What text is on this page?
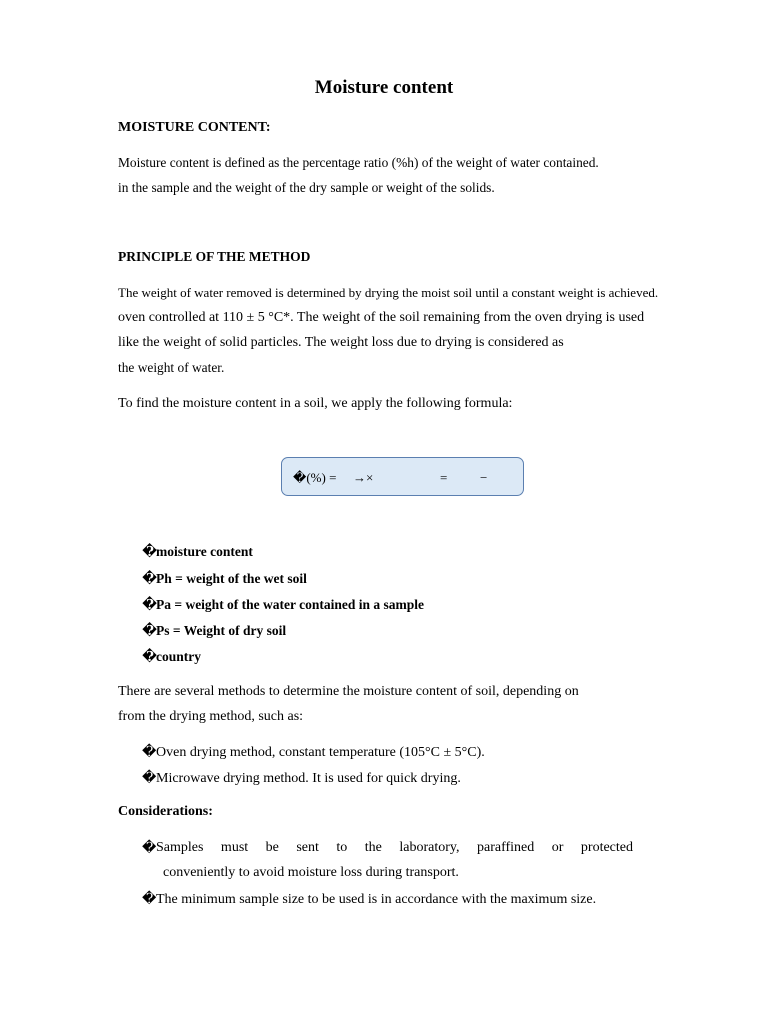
Moisture content
MOISTURE CONTENT:
Moisture content is defined as the percentage ratio (%h) of the weight of water contained.
in the sample and the weight of the dry sample or weight of the solids.
PRINCIPLE OF THE METHOD
The weight of water removed is determined by drying the moist soil until a constant weight is achieved.
oven controlled at 110 ± 5 °C*. The weight of the soil remaining from the oven drying is used
like the weight of solid particles. The weight loss due to drying is considered as
the weight of water.
To find the moisture content in a soil, we apply the following formula:
�(%) = →×	=	−
�moisture content
�Ph = weight of the wet soil
�Pa = weight of the water contained in a sample
�Ps = Weight of dry soil
�country
There are several methods to determine the moisture content of soil, depending on
from the drying method, such as:
�Oven drying method, constant temperature (105°C ± 5°C).
�Microwave drying method. It is used for quick drying.
Considerations:
� Samples must be sent to the laboratory, paraffined or protected
conveniently to avoid moisture loss during transport.
�The minimum sample size to be used is in accordance with the maximum size.
